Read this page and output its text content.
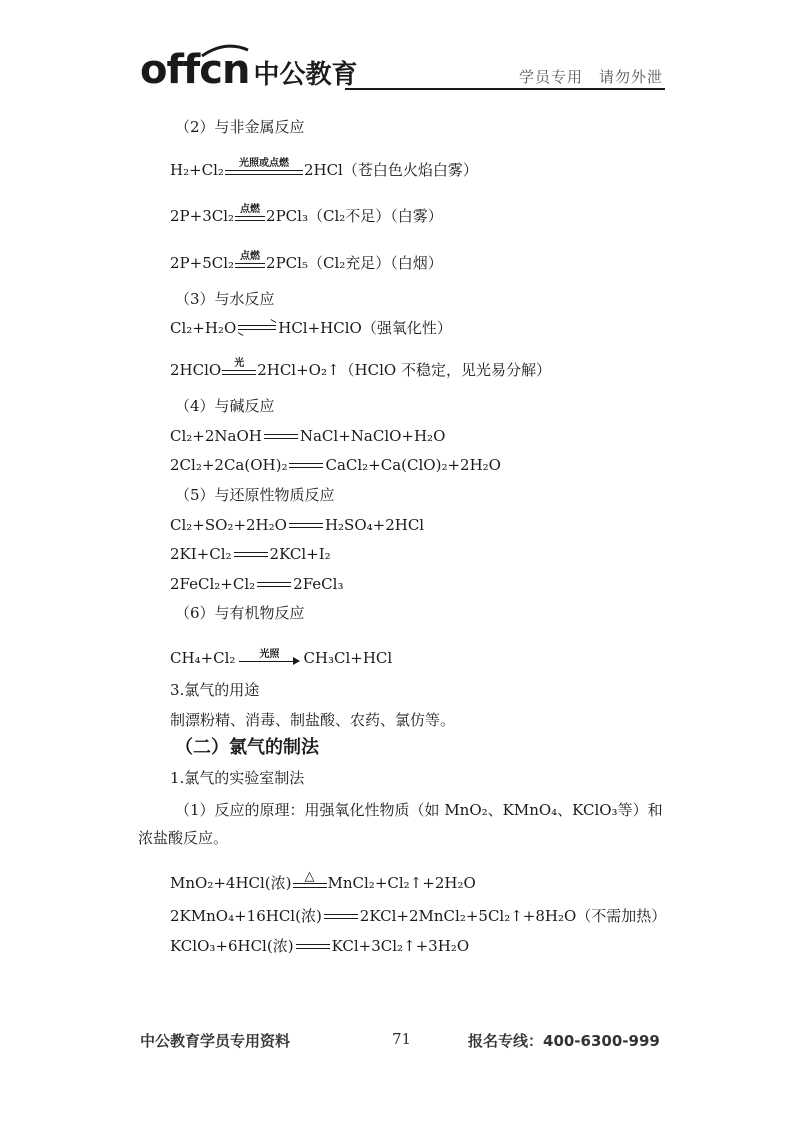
offcn 中公教育	学员专用　请勿外泄
（2）与非金属反应
H₂+Cl₂ 光照或点燃 2HCl（苍白色火焰白雾）
2P+3Cl₂ 点燃 2PCl₃（Cl₂不足）（白雾）
2P+5Cl₂ 点燃 2PCl₅（Cl₂充足）（白烟）
（3）与水反应
Cl₂+H₂O	HCl+HClO（强氧化性）
2HClO 光 2HCl+O₂↑（HClO 不稳定，见光易分解）
（4）与碱反应
Cl₂+2NaOH	NaCl+NaClO+H₂O
2Cl₂+2Ca(OH)₂	CaCl₂+Ca(ClO)₂+2H₂O
（5）与还原性物质反应
Cl₂+SO₂+2H₂O	H₂SO₄+2HCl
2KI+Cl₂	2KCl+I₂
2FeCl₂+Cl₂	2FeCl₃
（6）与有机物反应
CH₄+Cl₂ 光照 CH₃Cl+HCl
3.氯气的用途
制漂粉精、消毒、制盐酸、农药、氯仿等。
（二）氯气的制法
1.氯气的实验室制法
（1）反应的原理：用强氧化性物质（如 MnO₂、KMnO₄、KClO₃等）和
浓盐酸反应。
MnO₂+4HCl(浓) △ MnCl₂+Cl₂↑+2H₂O
2KMnO₄+16HCl(浓)	2KCl+2MnCl₂+5Cl₂↑+8H₂O（不需加热）
KClO₃+6HCl(浓)	KCl+3Cl₂↑+3H₂O
中公教育学员专用资料	71	报名专线：400-6300-999
